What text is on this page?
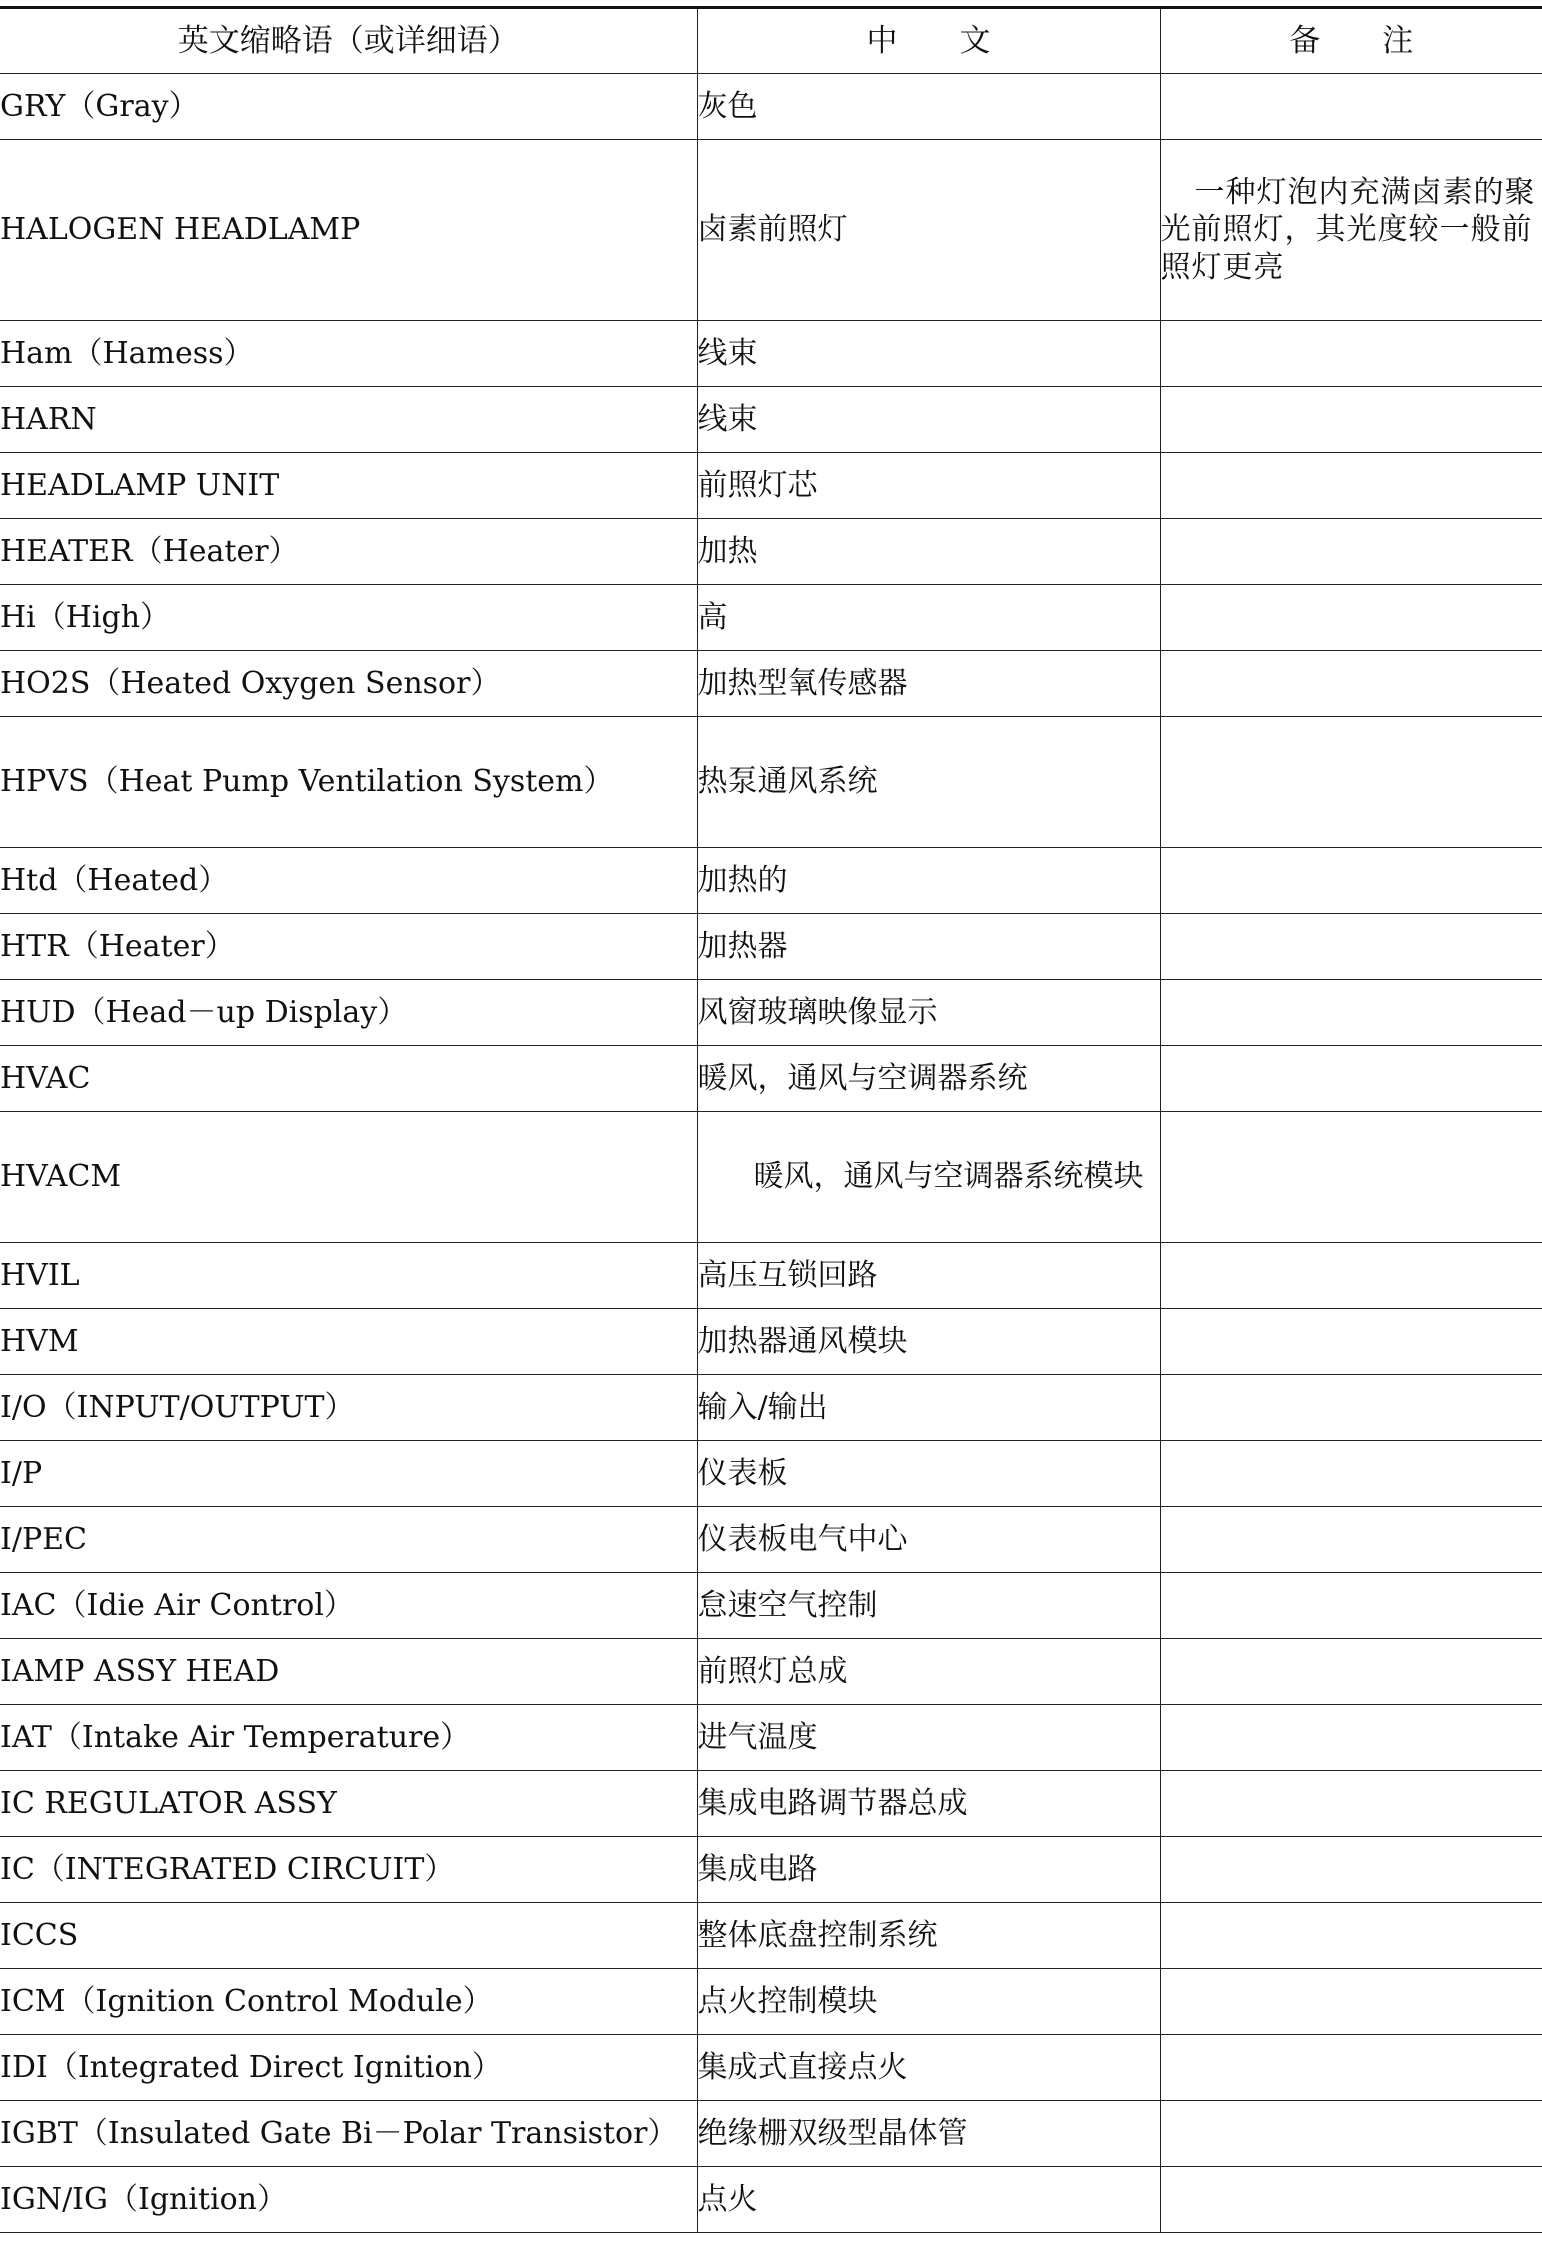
英文缩略语（或详细语）	中　　文	备　　注
GRY（Gray）	灰色	
HALOGEN HEADLAMP	卤素前照灯	一种灯泡内充满卤素的聚光前照灯，其光度较一般前照灯更亮
Ham（Hamess）	线束	
HARN	线束	
HEADLAMP UNIT	前照灯芯	
HEATER（Heater）	加热	
Hi（High）	高	
HO2S（Heated Oxygen Sensor）	加热型氧传感器	
HPVS（Heat Pump Ventilation System）	热泵通风系统	
Htd（Heated）	加热的	
HTR（Heater）	加热器	
HUD（Head－up Display）	风窗玻璃映像显示	
HVAC	暖风，通风与空调器系统	
HVACM	暖风，通风与空调器系统模块	
HVIL	高压互锁回路	
HVM	加热器通风模块	
I/O（INPUT/OUTPUT）	输入/输出	
I/P	仪表板	
I/PEC	仪表板电气中心	
IAC（Idie Air Control）	怠速空气控制	
IAMP ASSY HEAD	前照灯总成	
IAT（Intake Air Temperature）	进气温度	
IC REGULATOR ASSY	集成电路调节器总成	
IC（INTEGRATED CIRCUIT）	集成电路	
ICCS	整体底盘控制系统	
ICM（Ignition Control Module）	点火控制模块	
IDI（Integrated Direct Ignition）	集成式直接点火	
IGBT（Insulated Gate Bi－Polar Transistor）	绝缘栅双级型晶体管	
IGN/IG（Ignition）	点火	
